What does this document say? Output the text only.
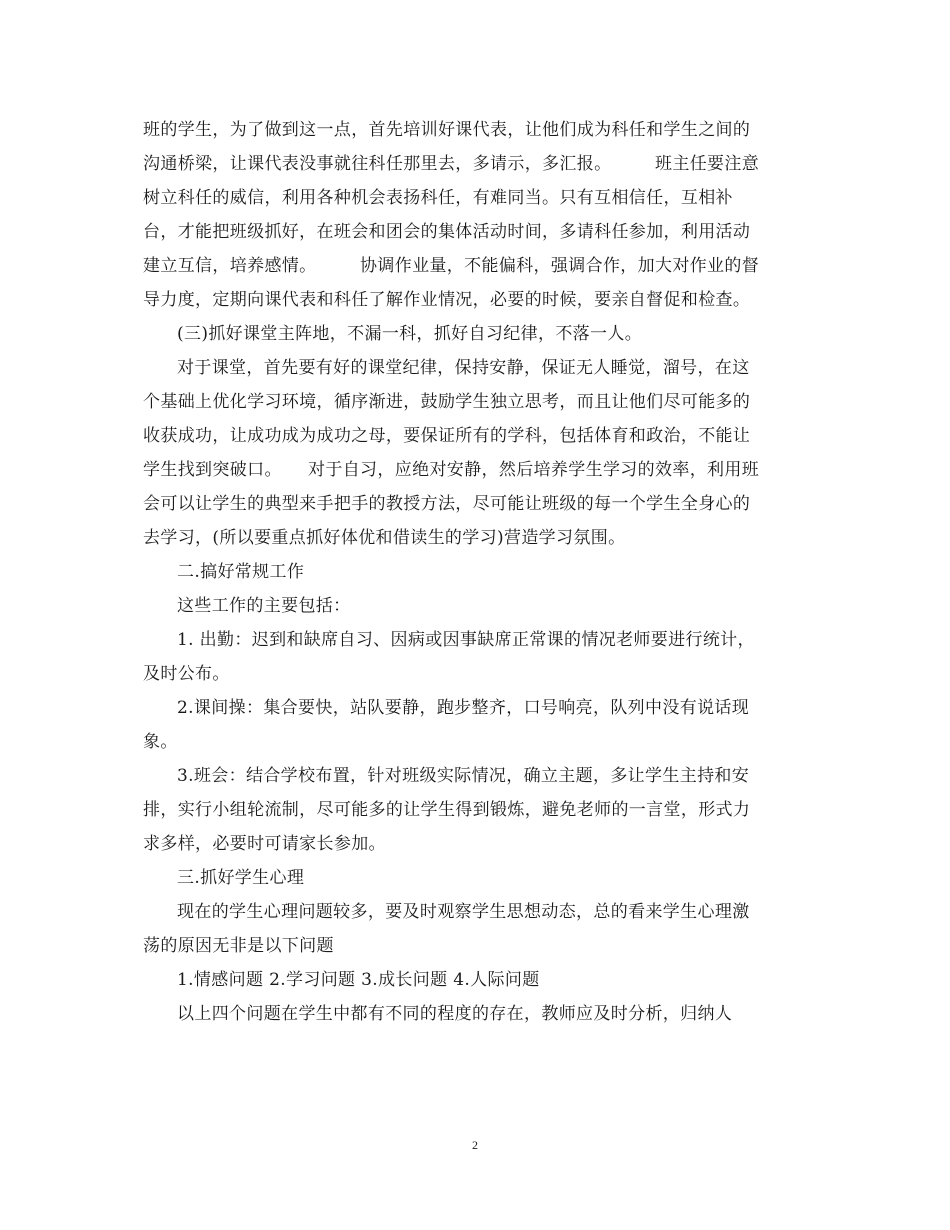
班的学生，为了做到这一点，首先培训好课代表，让他们成为科任和学生之间的
沟通桥梁，让课代表没事就往科任那里去，多请示，多汇报。　　　班主任要注意
树立科任的威信，利用各种机会表扬科任，有难同当。只有互相信任，互相补
台，才能把班级抓好，在班会和团会的集体活动时间，多请科任参加，利用活动
建立互信，培养感情。　　　协调作业量，不能偏科，强调合作，加大对作业的督
导力度，定期向课代表和科任了解作业情况，必要的时候，要亲自督促和检查。
(三)抓好课堂主阵地，不漏一科，抓好自习纪律，不落一人。
对于课堂，首先要有好的课堂纪律，保持安静，保证无人睡觉，溜号，在这
个基础上优化学习环境，循序渐进，鼓励学生独立思考，而且让他们尽可能多的
收获成功，让成功成为成功之母，要保证所有的学科，包括体育和政治，不能让
学生找到突破口。　　对于自习，应绝对安静，然后培养学生学习的效率，利用班
会可以让学生的典型来手把手的教授方法，尽可能让班级的每一个学生全身心的
去学习，(所以要重点抓好体优和借读生的学习)营造学习氛围。
二.搞好常规工作
这些工作的主要包括：
1. 出勤：迟到和缺席自习、因病或因事缺席正常课的情况老师要进行统计，
及时公布。
2.课间操：集合要快，站队要静，跑步整齐，口号响亮，队列中没有说话现
象。
3.班会：结合学校布置，针对班级实际情况，确立主题，多让学生主持和安
排，实行小组轮流制，尽可能多的让学生得到锻炼，避免老师的一言堂，形式力
求多样，必要时可请家长参加。
三.抓好学生心理
现在的学生心理问题较多，要及时观察学生思想动态，总的看来学生心理激
荡的原因无非是以下问题
1.情感问题 2.学习问题 3.成长问题 4.人际问题
以上四个问题在学生中都有不同的程度的存在，教师应及时分析，归纳人
2
